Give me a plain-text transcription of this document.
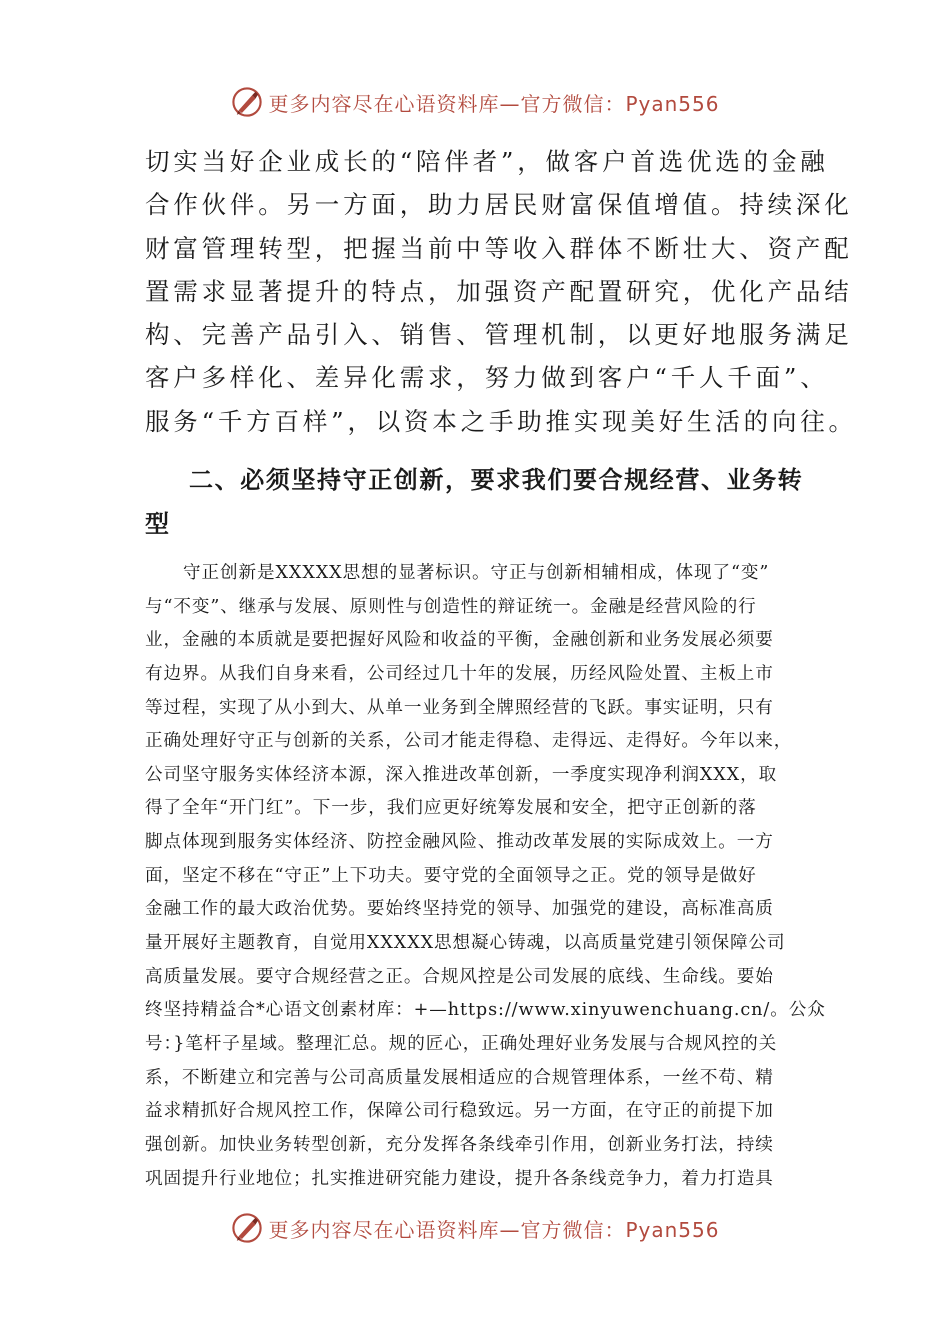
更多内容尽在心语资料库—官方微信：Pyan556
切实当好企业成长的“陪伴者”，做客户首选优选的金融
合作伙伴。另一方面，助力居民财富保值增值。持续深化
财富管理转型，把握当前中等收入群体不断壮大、资产配
置需求显著提升的特点，加强资产配置研究，优化产品结
构、完善产品引入、销售、管理机制，以更好地服务满足
客户多样化、差异化需求，努力做到客户“千人千面”、
服务“千方百样”，以资本之手助推实现美好生活的向往。
二、必须坚持守正创新，要求我们要合规经营、业务转
型
守正创新是XXXXX思想的显著标识。守正与创新相辅相成，体现了“变”
与“不变”、继承与发展、原则性与创造性的辩证统一。金融是经营风险的行
业，金融的本质就是要把握好风险和收益的平衡，金融创新和业务发展必须要
有边界。从我们自身来看，公司经过几十年的发展，历经风险处置、主板上市
等过程，实现了从小到大、从单一业务到全牌照经营的飞跃。事实证明，只有
正确处理好守正与创新的关系，公司才能走得稳、走得远、走得好。今年以来，
公司坚守服务实体经济本源，深入推进改革创新，一季度实现净利润XXX，取
得了全年“开门红”。下一步，我们应更好统筹发展和安全，把守正创新的落
脚点体现到服务实体经济、防控金融风险、推动改革发展的实际成效上。一方
面，坚定不移在“守正”上下功夫。要守党的全面领导之正。党的领导是做好
金融工作的最大政治优势。要始终坚持党的领导、加强党的建设，高标准高质
量开展好主题教育，自觉用XXXXX思想凝心铸魂，以高质量党建引领保障公司
高质量发展。要守合规经营之正。合规风控是公司发展的底线、生命线。要始
终坚持精益合*心语文创素材库：+—https://www.xinyuwenchuang.cn/。公众
号：}笔杆子星域。整理汇总。规的匠心，正确处理好业务发展与合规风控的关
系，不断建立和完善与公司高质量发展相适应的合规管理体系，一丝不苟、精
益求精抓好合规风控工作，保障公司行稳致远。另一方面，在守正的前提下加
强创新。加快业务转型创新，充分发挥各条线牵引作用，创新业务打法，持续
巩固提升行业地位；扎实推进研究能力建设，提升各条线竞争力，着力打造具
更多内容尽在心语资料库—官方微信：Pyan556
